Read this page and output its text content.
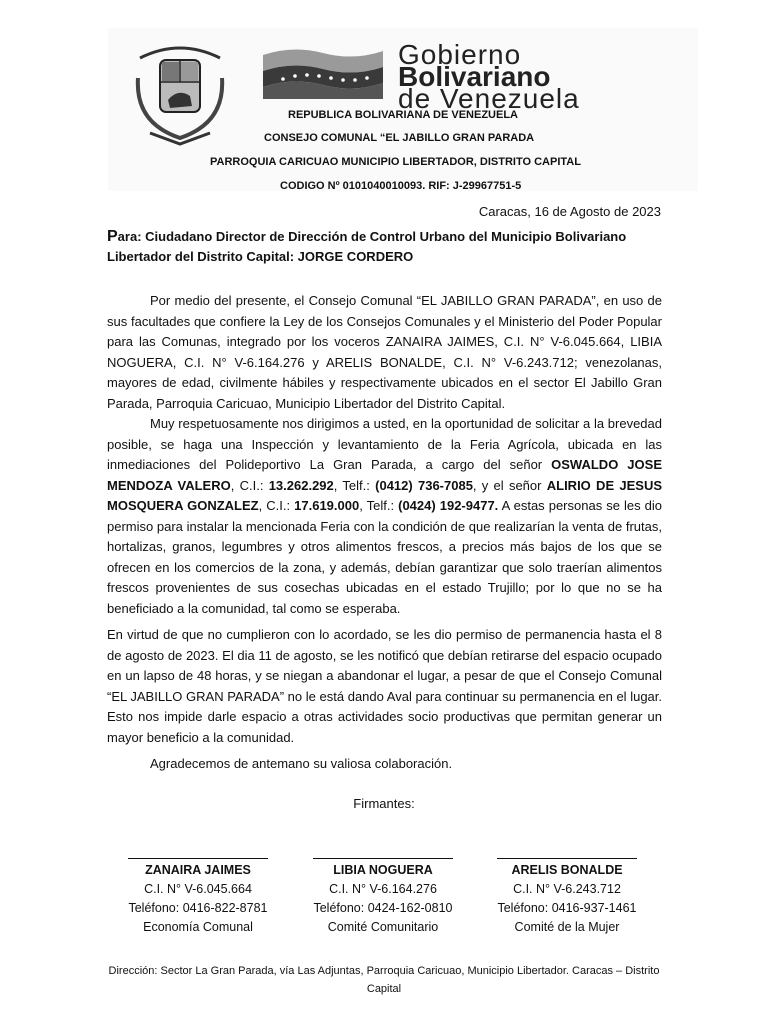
Gobierno
Bolivariano
de Venezuela
REPUBLICA BOLIVARIANA DE VENEZUELA
CONSEJO COMUNAL “EL JABILLO GRAN PARADA
PARROQUIA CARICUAO MUNICIPIO LIBERTADOR, DISTRITO CAPITAL
CODIGO Nº 0101040010093. RIF: J-29967751-5
Caracas, 16 de Agosto de 2023
Para: Ciudadano Director de Dirección de Control Urbano del Municipio Bolivariano Libertador del Distrito Capital: JORGE CORDERO

Por medio del presente, el Consejo Comunal “EL JABILLO GRAN PARADA”, en uso de sus facultades que confiere la Ley de los Consejos Comunales y el Ministerio del Poder Popular para las Comunas, integrado por los voceros ZANAIRA JAIMES, C.I. N° V-6.045.664, LIBIA NOGUERA, C.I. N° V-6.164.276 y ARELIS BONALDE, C.I. N° V-6.243.712; venezolanas, mayores de edad, civilmente hábiles y respectivamente ubicados en el sector El Jabillo Gran Parada, Parroquia Caricuao, Municipio Libertador del Distrito Capital.

Muy respetuosamente nos dirigimos a usted, en la oportunidad de solicitar a la brevedad posible, se haga una Inspección y levantamiento de la Feria Agrícola, ubicada en las inmediaciones del Polideportivo La Gran Parada, a cargo del señor OSWALDO JOSE MENDOZA VALERO, C.I.: 13.262.292, Telf.: (0412) 736-7085, y el señor ALIRIO DE JESUS MOSQUERA GONZALEZ, C.I.: 17.619.000, Telf.: (0424) 192-9477. A estas personas se les dio permiso para instalar la mencionada Feria con la condición de que realizarían la venta de frutas, hortalizas, granos, legumbres y otros alimentos frescos, a precios más bajos de los que se ofrecen en los comercios de la zona, y además, debían garantizar que solo traerían alimentos frescos provenientes de sus cosechas ubicadas en el estado Trujillo; por lo que no se ha beneficiado a la comunidad, tal como se esperaba.

En virtud de que no cumplieron con lo acordado, se les dio permiso de permanencia hasta el 8 de agosto de 2023. El dia 11 de agosto, se les notificó que debían retirarse del espacio ocupado en un lapso de 48 horas, y se niegan a abandonar el lugar, a pesar de que el Consejo Comunal “EL JABILLO GRAN PARADA” no le está dando Aval para continuar su permanencia en el lugar. Esto nos impide darle espacio a otras actividades socio productivas que permitan generar un mayor beneficio a la comunidad.

Agradecemos de antemano su valiosa colaboración.

Firmantes:
ZANAIRA JAIMES
C.I. N° V-6.045.664
Teléfono: 0416-822-8781
Economía Comunal
LIBIA NOGUERA
C.I. N° V-6.164.276
Teléfono: 0424-162-0810
Comité Comunitario
ARELIS BONALDE
C.I. N° V-6.243.712
Teléfono: 0416-937-1461
Comité de la Mujer
Dirección: Sector La Gran Parada, vía Las Adjuntas, Parroquia Caricuao, Municipio Libertador. Caracas – Distrito Capital
